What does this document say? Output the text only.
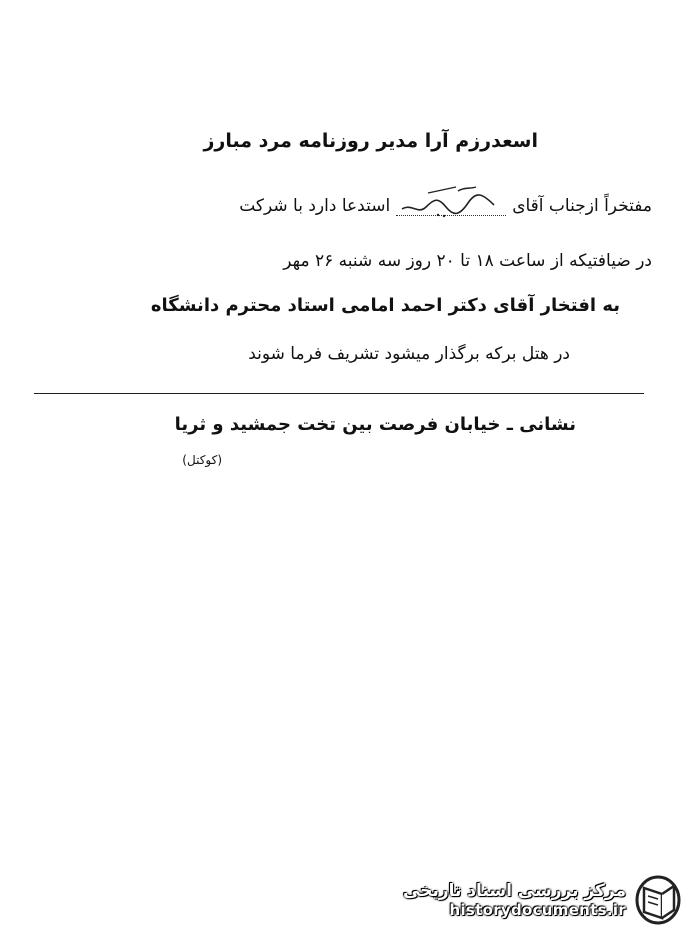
اسعدرزم آرا مدیر روزنامه مرد مبارز
مفتخراً ازجناب آقای
استدعا دارد با شرکت
در ضیافتیکه از ساعت ۱۸ تا ۲۰ روز سه شنبه ۲۶ مهر
به افتخار آقای دکتر احمد امامی استاد محترم دانشگاه
در هتل برکه برگذار میشود تشریف فرما شوند
نشانی ـ خیابان فرصت بین تخت جمشید و ثریا
(کوکتل)
مرکز بررسی اسناد تاریخی
historydocuments.ir
